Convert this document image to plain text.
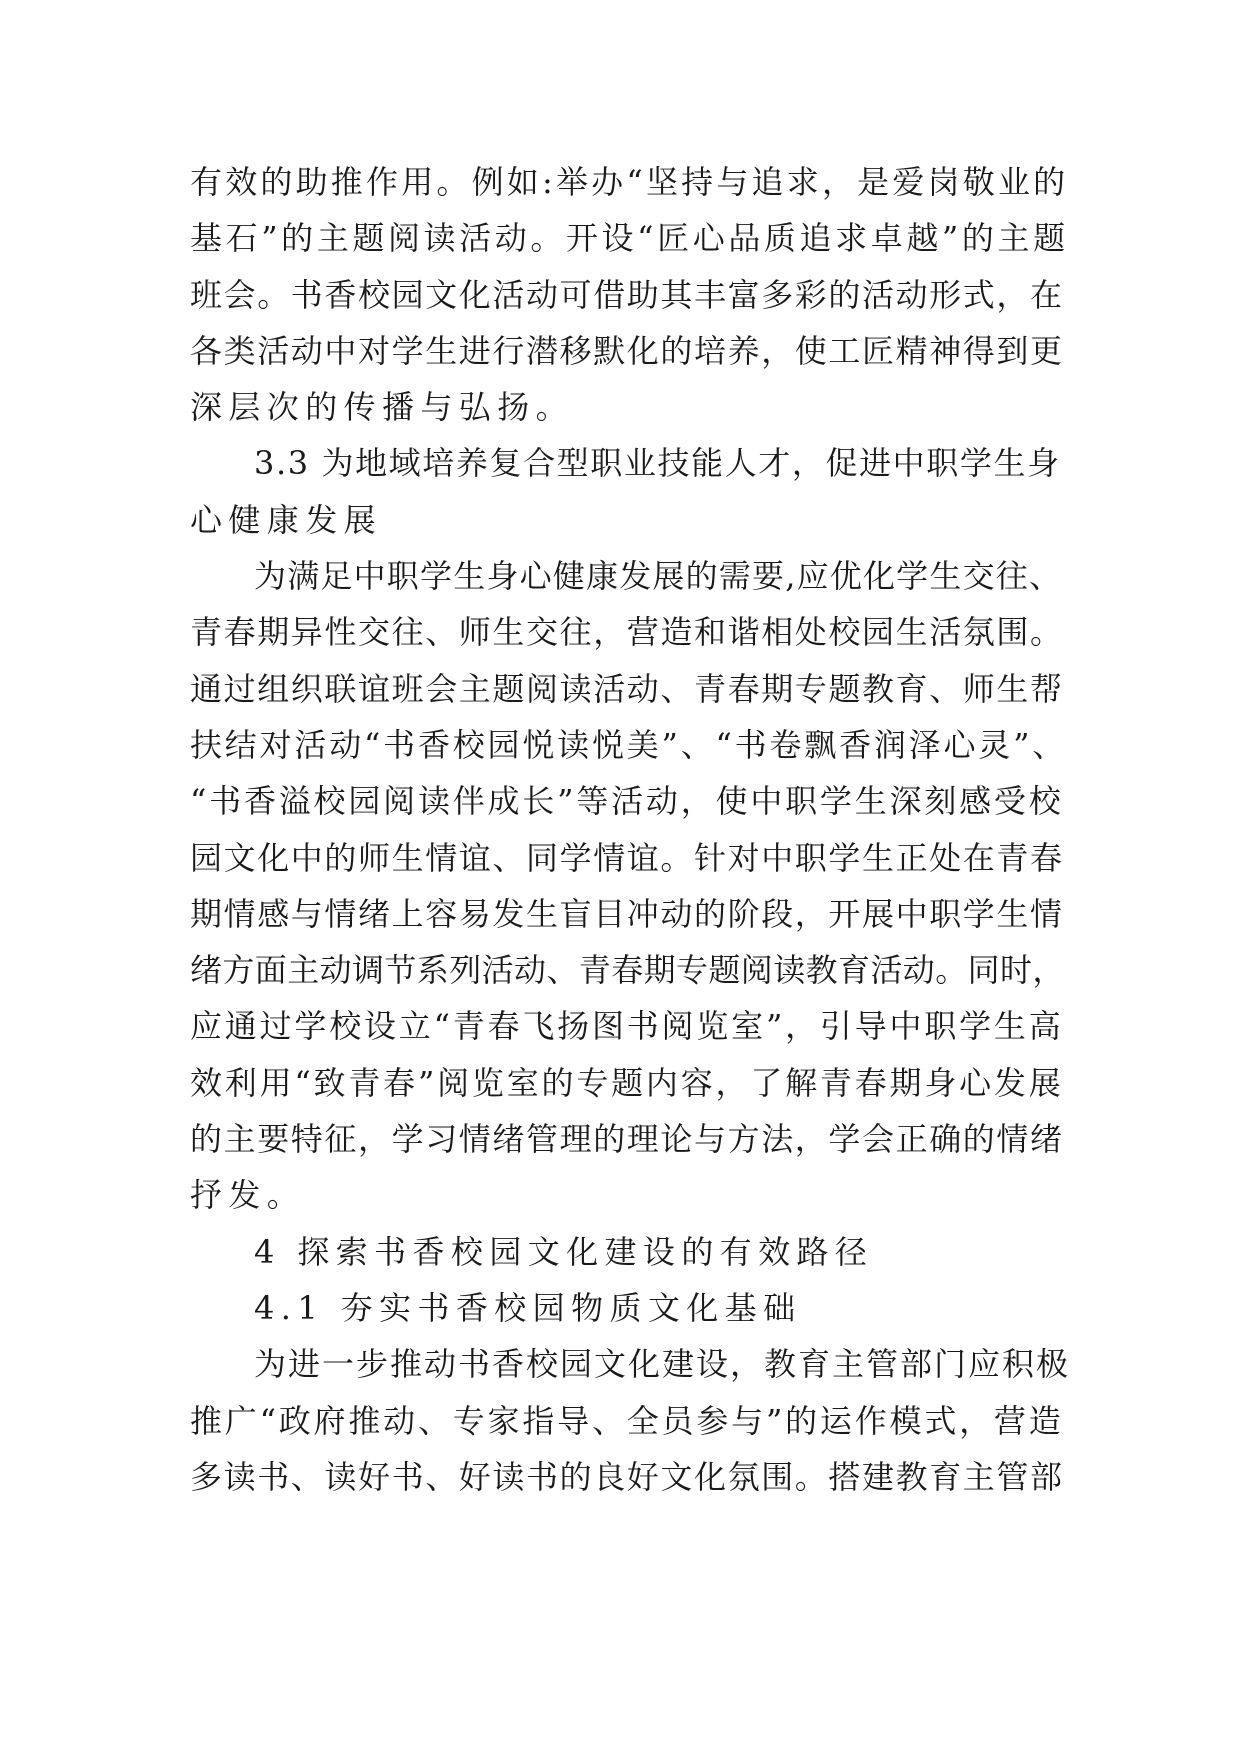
有效的助推作用。例如:举办“坚持与追求，是爱岗敬业的
基石”的主题阅读活动。开设“匠心品质追求卓越”的主题
班会。书香校园文化活动可借助其丰富多彩的活动形式，在
各类活动中对学生进行潜移默化的培养，使工匠精神得到更
深层次的传播与弘扬。
3.3 为地域培养复合型职业技能人才，促进中职学生身
心健康发展
为满足中职学生身心健康发展的需要,应优化学生交往、
青春期异性交往、师生交往，营造和谐相处校园生活氛围。
通过组织联谊班会主题阅读活动、青春期专题教育、师生帮
扶结对活动“书香校园悦读悦美”、“书卷飘香润泽心灵”、
“书香溢校园阅读伴成长”等活动，使中职学生深刻感受校
园文化中的师生情谊、同学情谊。针对中职学生正处在青春
期情感与情绪上容易发生盲目冲动的阶段，开展中职学生情
绪方面主动调节系列活动、青春期专题阅读教育活动。同时，
应通过学校设立“青春飞扬图书阅览室”，引导中职学生高
效利用“致青春”阅览室的专题内容，了解青春期身心发展
的主要特征，学习情绪管理的理论与方法，学会正确的情绪
抒发。
4 探索书香校园文化建设的有效路径
4.1 夯实书香校园物质文化基础
为进一步推动书香校园文化建设，教育主管部门应积极
推广“政府推动、专家指导、全员参与”的运作模式，营造
多读书、读好书、好读书的良好文化氛围。搭建教育主管部
